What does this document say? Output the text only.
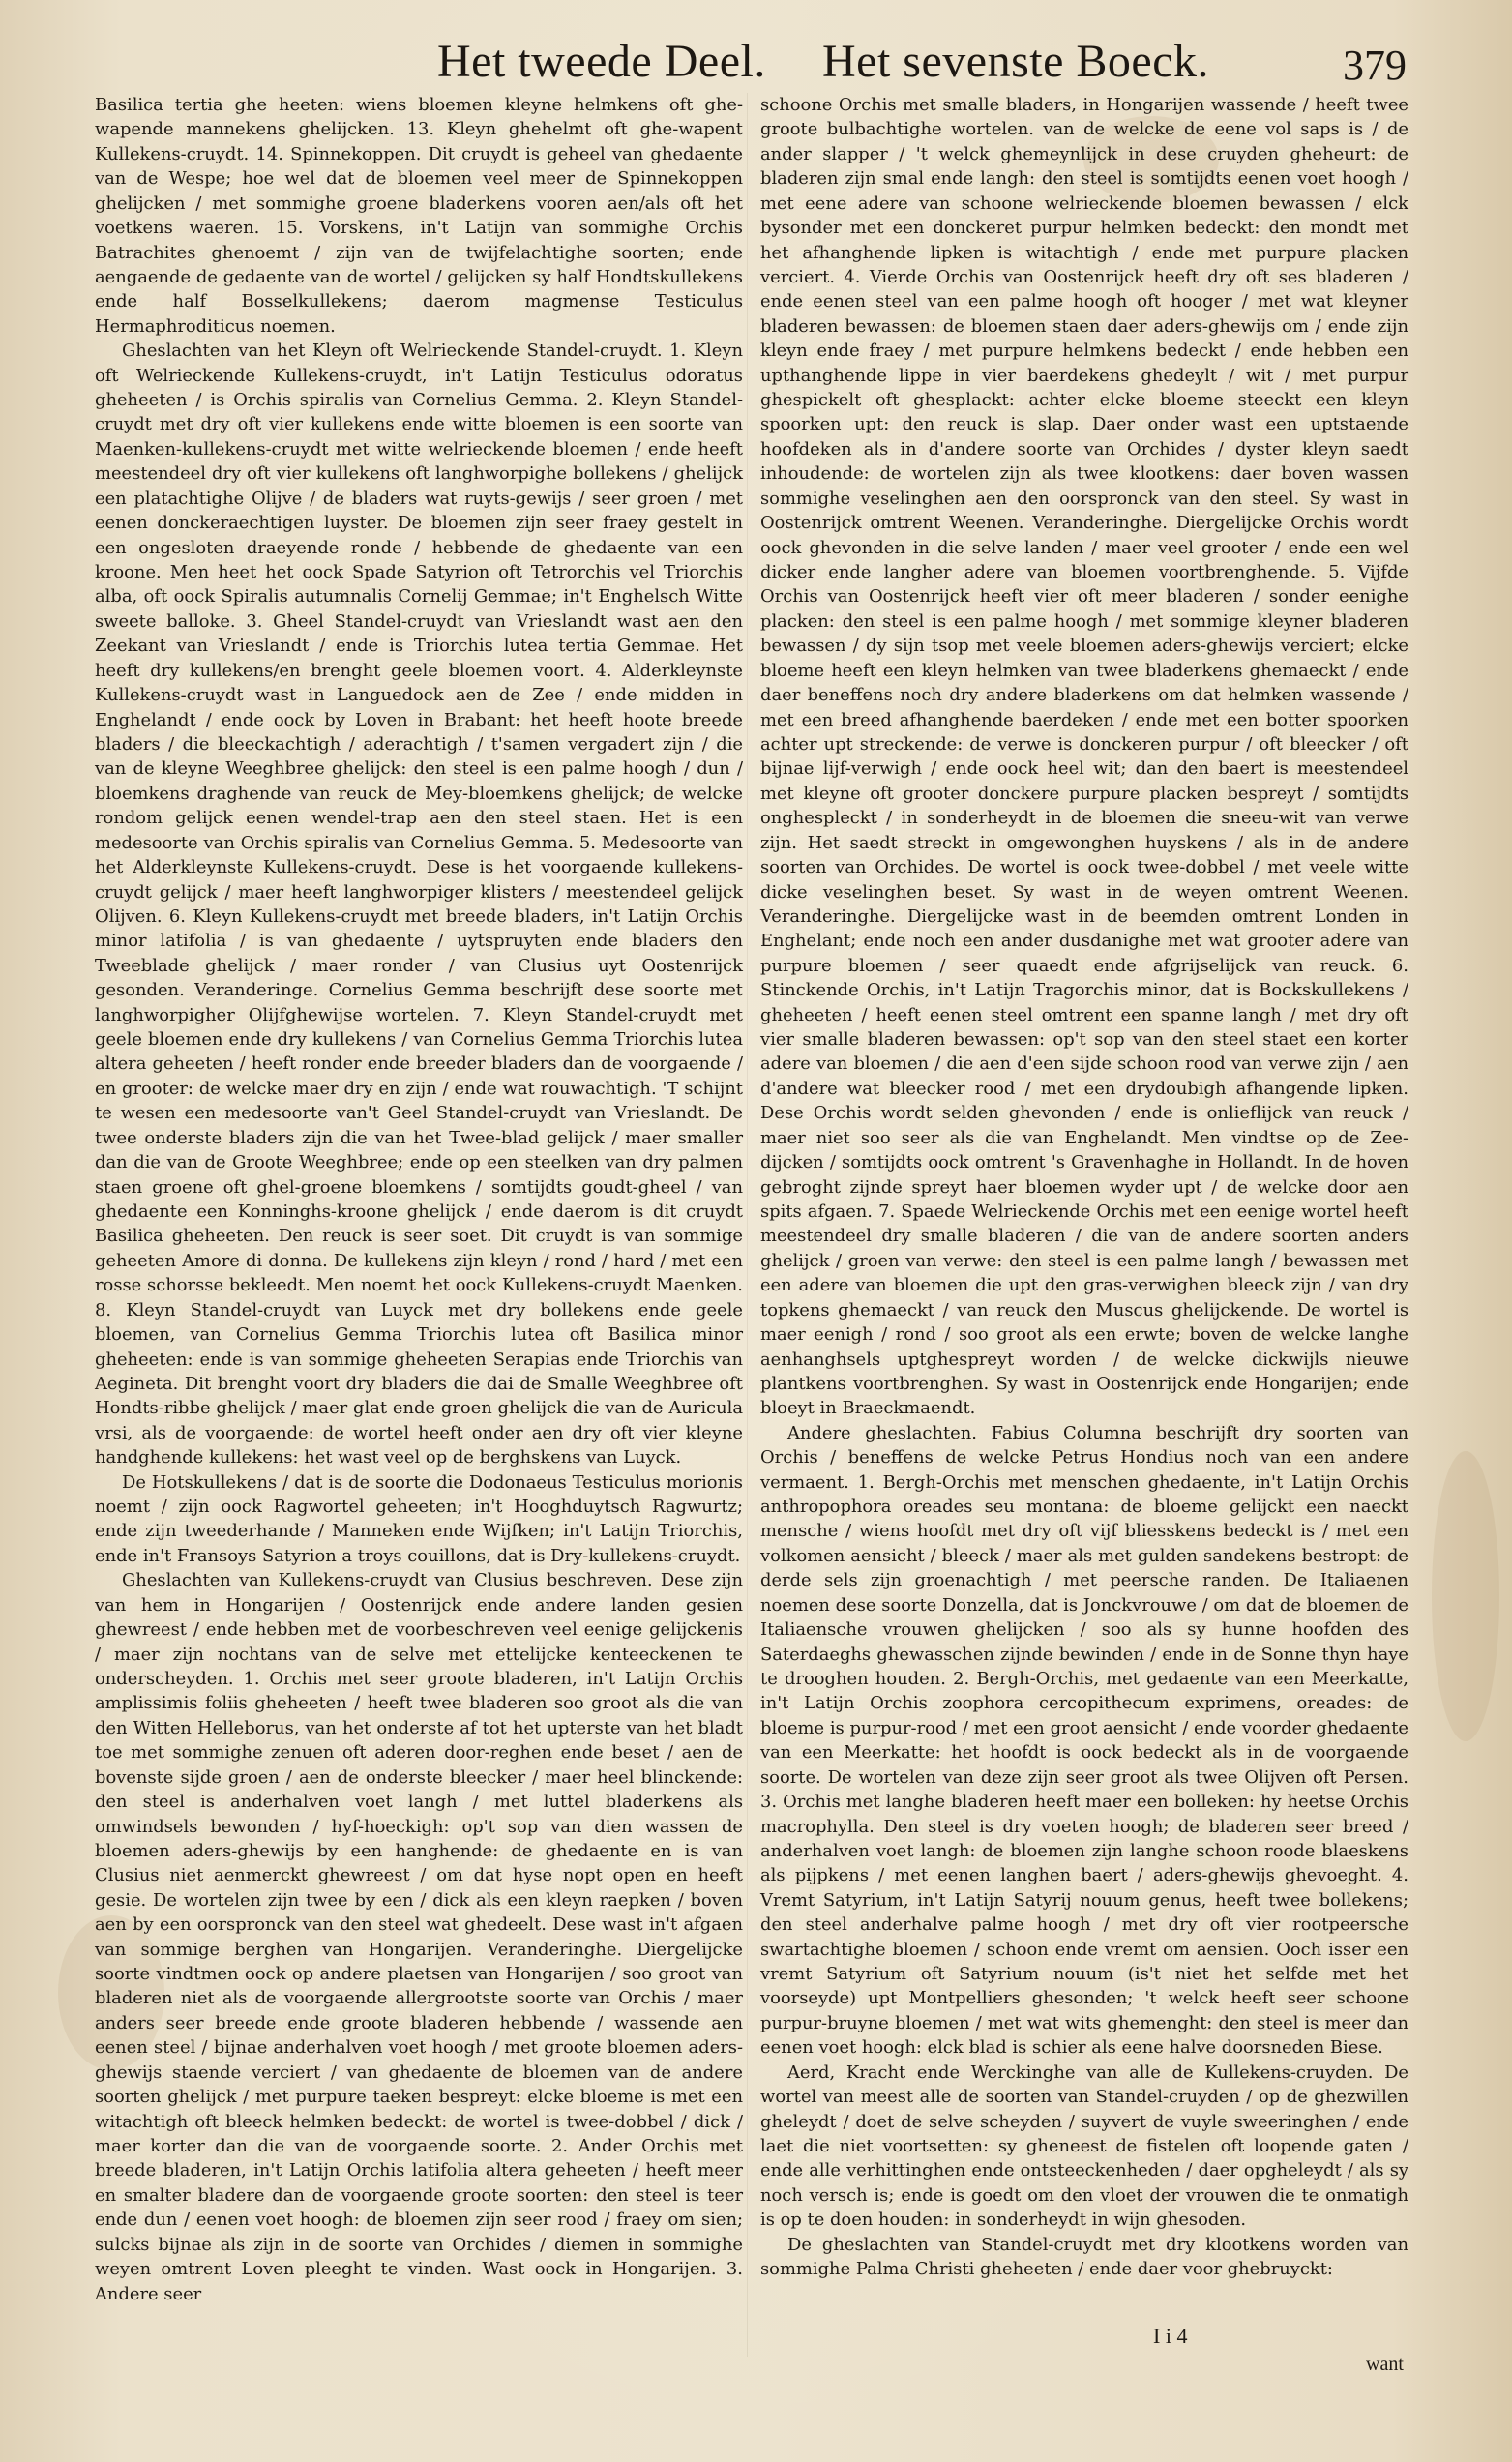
Het tweede Deel. Het sevenste Boeck.	379

Basilica tertia ghe heeten: wiens bloemen kleyne helmkens oft ghe-wapende mannekens ghelijcken. 13. Kleyn ghehelmt oft ghe-wapent Kullekens-cruydt. 14. Spinnekoppen. Dit cruydt is geheel van ghedaente van de Wespe; hoe wel dat de bloemen veel meer de Spinnekoppen ghelijcken / met sommighe groene bladerkens vooren aen/als oft het voetkens waeren. 15. Vorskens, in't Latijn van sommighe Orchis Batrachites ghenoemt / zijn van de twijfelachtighe soorten; ende aengaende de gedaente van de wortel / gelijcken sy half Hondtskullekens ende half Bosselkullekens; daerom magmense Testiculus Hermaphroditicus noemen.

Gheslachten van het Kleyn oft Welrieckende Standel-cruydt. 1. Kleyn oft Welrieckende Kullekens-cruydt, in't Latijn Testiculus odoratus gheheeten / is Orchis spiralis van Cornelius Gemma. 2. Kleyn Standel-cruydt met dry oft vier kullekens ende witte bloemen is een soorte van Maenken-kullekens-cruydt met witte welrieckende bloemen / ende heeft meestendeel dry oft vier kullekens oft langhworpighe bollekens / ghelijck een platachtighe Olijve / de bladers wat ruyts-gewijs / seer groen / met eenen donckeraechtigen luyster. De bloemen zijn seer fraey gestelt in een ongesloten draeyende ronde / hebbende de ghedaente van een kroone. Men heet het oock Spade Satyrion oft Tetrorchis vel Triorchis alba, oft oock Spiralis autumnalis Cornelij Gemmae; in't Enghelsch Witte sweete balloke. 3. Gheel Standel-cruydt van Vrieslandt wast aen den Zeekant van Vrieslandt / ende is Triorchis lutea tertia Gemmae. Het heeft dry kullekens/en brenght geele bloemen voort. 4. Alderkleynste Kullekens-cruydt wast in Languedock aen de Zee / ende midden in Enghelandt / ende oock by Loven in Brabant: het heeft hoote breede bladers / die bleeckachtigh / aderachtigh / t'samen vergadert zijn / die van de kleyne Weeghbree ghelijck: den steel is een palme hoogh / dun / bloemkens draghende van reuck de Mey-bloemkens ghelijck; de welcke rondom gelijck eenen wendel-trap aen den steel staen. Het is een medesoorte van Orchis spiralis van Cornelius Gemma. 5. Medesoorte van het Alderkleynste Kullekens-cruydt. Dese is het voorgaende kullekens-cruydt gelijck / maer heeft langhworpiger klisters / meestendeel gelijck Olijven. 6. Kleyn Kullekens-cruydt met breede bladers, in't Latijn Orchis minor latifolia / is van ghedaente / uytspruyten ende bladers den Tweeblade ghelijck / maer ronder / van Clusius uyt Oostenrijck gesonden. Veranderinge. Cornelius Gemma beschrijft dese soorte met langhworpigher Olijfghewijse wortelen. 7. Kleyn Standel-cruydt met geele bloemen ende dry kullekens / van Cornelius Gemma Triorchis lutea altera geheeten / heeft ronder ende breeder bladers dan de voorgaende / en grooter: de welcke maer dry en zijn / ende wat rouwachtigh. 'T schijnt te wesen een medesoorte van't Geel Standel-cruydt van Vrieslandt. De twee onderste bladers zijn die van het Twee-blad gelijck / maer smaller dan die van de Groote Weeghbree; ende op een steelken van dry palmen staen groene oft ghel-groene bloemkens / somtijdts goudt-gheel / van ghedaente een Konninghs-kroone ghelijck / ende daerom is dit cruydt Basilica gheheeten. Den reuck is seer soet. Dit cruydt is van sommige geheeten Amore di donna. De kullekens zijn kleyn / rond / hard / met een rosse schorsse bekleedt. Men noemt het oock Kullekens-cruydt Maenken. 8. Kleyn Standel-cruydt van Luyck met dry bollekens ende geele bloemen, van Cornelius Gemma Triorchis lutea oft Basilica minor gheheeten: ende is van sommige gheheeten Serapias ende Triorchis van Aegineta. Dit brenght voort dry bladers die dai de Smalle Weeghbree oft Hondts-ribbe ghelijck / maer glat ende groen ghelijck die van de Auricula vrsi, als de voorgaende: de wortel heeft onder aen dry oft vier kleyne handghende kullekens: het wast veel op de berghskens van Luyck.

De Hotskullekens / dat is de soorte die Dodonaeus Testiculus morionis noemt / zijn oock Ragwortel geheeten; in't Hooghduytsch Ragwurtz; ende zijn tweederhande / Manneken ende Wijfken; in't Latijn Triorchis, ende in't Fransoys Satyrion a troys couillons, dat is Dry-kullekens-cruydt.

Gheslachten van Kullekens-cruydt van Clusius beschreven. Dese zijn van hem in Hongarijen / Oostenrijck ende andere landen gesien ghewreest / ende hebben met de voorbeschreven veel eenige gelijckenis / maer zijn nochtans van de selve met ettelijcke kenteeckenen te onderscheyden. 1. Orchis met seer groote bladeren, in't Latijn Orchis amplissimis foliis gheheeten / heeft twee bladeren soo groot als die van den Witten Helleborus, van het onderste af tot het upterste van het bladt toe met sommighe zenuen oft aderen door-reghen ende beset / aen de bovenste sijde groen / aen de onderste bleecker / maer heel blinckende: den steel is anderhalven voet langh / met luttel bladerkens als omwindsels bewonden / hyf-hoeckigh: op't sop van dien wassen de bloemen aders-ghewijs by een hanghende: de ghedaente en is van Clusius niet aenmerckt ghewreest / om dat hyse nopt open en heeft gesie. De wortelen zijn twee by een / dick als een kleyn raepken / boven aen by een oorspronck van den steel wat ghedeelt. Dese wast in't afgaen van sommige berghen van Hongarijen. Veranderinghe. Diergelijcke soorte vindtmen oock op andere plaetsen van Hongarijen / soo groot van bladeren niet als de voorgaende allergrootste soorte van Orchis / maer anders seer breede ende groote bladeren hebbende / wassende aen eenen steel / bijnae anderhalven voet hoogh / met groote bloemen aders-ghewijs staende verciert / van ghedaente de bloemen van de andere soorten ghelijck / met purpure taeken bespreyt: elcke bloeme is met een witachtigh oft bleeck helmken bedeckt: de wortel is twee-dobbel / dick / maer korter dan die van de voorgaende soorte. 2. Ander Orchis met breede bladeren, in't Latijn Orchis latifolia altera geheeten / heeft meer en smalter bladere dan de voorgaende groote soorten: den steel is teer ende dun / eenen voet hoogh: de bloemen zijn seer rood / fraey om sien; sulcks bijnae als zijn in de soorte van Orchides / diemen in sommighe weyen omtrent Loven pleeght te vinden. Wast oock in Hongarijen. 3. Andere seer

schoone Orchis met smalle bladers, in Hongarijen wassende / heeft twee groote bulbachtighe wortelen. van de welcke de eene vol saps is / de ander slapper / 't welck ghemeynlijck in dese cruyden gheheurt: de bladeren zijn smal ende langh: den steel is somtijdts eenen voet hoogh / met eene adere van schoone welrieckende bloemen bewassen / elck bysonder met een donckeret purpur helmken bedeckt: den mondt met het afhanghende lipken is witachtigh / ende met purpure placken verciert. 4. Vierde Orchis van Oostenrijck heeft dry oft ses bladeren / ende eenen steel van een palme hoogh oft hooger / met wat kleyner bladeren bewassen: de bloemen staen daer aders-ghewijs om / ende zijn kleyn ende fraey / met purpure helmkens bedeckt / ende hebben een upthanghende lippe in vier baerdekens ghedeylt / wit / met purpur ghespickelt oft ghesplackt: achter elcke bloeme steeckt een kleyn spoorken upt: den reuck is slap. Daer onder wast een uptstaende hoofdeken als in d'andere soorte van Orchides / dyster kleyn saedt inhoudende: de wortelen zijn als twee klootkens: daer boven wassen sommighe veselinghen aen den oorspronck van den steel. Sy wast in Oostenrijck omtrent Weenen. Veranderinghe. Diergelijcke Orchis wordt oock ghevonden in die selve landen / maer veel grooter / ende een wel dicker ende langher adere van bloemen voortbrenghende. 5. Vijfde Orchis van Oostenrijck heeft vier oft meer bladeren / sonder eenighe placken: den steel is een palme hoogh / met sommige kleyner bladeren bewassen / dy sijn tsop met veele bloemen aders-ghewijs verciert; elcke bloeme heeft een kleyn helmken van twee bladerkens ghemaeckt / ende daer beneffens noch dry andere bladerkens om dat helmken wassende / met een breed afhanghende baerdeken / ende met een botter spoorken achter upt streckende: de verwe is donckeren purpur / oft bleecker / oft bijnae lijf-verwigh / ende oock heel wit; dan den baert is meestendeel met kleyne oft grooter donckere purpure placken bespreyt / somtijdts onghespleckt / in sonderheydt in de bloemen die sneeu-wit van verwe zijn. Het saedt streckt in omgewonghen huyskens / als in de andere soorten van Orchides. De wortel is oock twee-dobbel / met veele witte dicke veselinghen beset. Sy wast in de weyen omtrent Weenen. Veranderinghe. Diergelijcke wast in de beemden omtrent Londen in Enghelant; ende noch een ander dusdanighe met wat grooter adere van purpure bloemen / seer quaedt ende afgrijselijck van reuck. 6. Stinckende Orchis, in't Latijn Tragorchis minor, dat is Bockskullekens / gheheeten / heeft eenen steel omtrent een spanne langh / met dry oft vier smalle bladeren bewassen: op't sop van den steel staet een korter adere van bloemen / die aen d'een sijde schoon rood van verwe zijn / aen d'andere wat bleecker rood / met een drydoubigh afhangende lipken. Dese Orchis wordt selden ghevonden / ende is onlieflijck van reuck / maer niet soo seer als die van Enghelandt. Men vindtse op de Zee-dijcken / somtijdts oock omtrent 's Gravenhaghe in Hollandt. In de hoven gebroght zijnde spreyt haer bloemen wyder upt / de welcke door aen spits afgaen. 7. Spaede Welrieckende Orchis met een eenige wortel heeft meestendeel dry smalle bladeren / die van de andere soorten anders ghelijck / groen van verwe: den steel is een palme langh / bewassen met een adere van bloemen die upt den gras-verwighen bleeck zijn / van dry topkens ghemaeckt / van reuck den Muscus ghelijckende. De wortel is maer eenigh / rond / soo groot als een erwte; boven de welcke langhe aenhanghsels uptghespreyt worden / de welcke dickwijls nieuwe plantkens voortbrenghen. Sy wast in Oostenrijck ende Hongarijen; ende bloeyt in Braeckmaendt.

Andere gheslachten. Fabius Columna beschrijft dry soorten van Orchis / beneffens de welcke Petrus Hondius noch van een andere vermaent. 1. Bergh-Orchis met menschen ghedaente, in't Latijn Orchis anthropophora oreades seu montana: de bloeme gelijckt een naeckt mensche / wiens hoofdt met dry oft vijf bliesskens bedeckt is / met een volkomen aensicht / bleeck / maer als met gulden sandekens bestropt: de derde sels zijn groenachtigh / met peersche randen. De Italiaenen noemen dese soorte Donzella, dat is Jonckvrouwe / om dat de bloemen de Italiaensche vrouwen ghelijcken / soo als sy hunne hoofden des Saterdaeghs ghewasschen zijnde bewinden / ende in de Sonne thyn haye te drooghen houden. 2. Bergh-Orchis, met gedaente van een Meerkatte, in't Latijn Orchis zoophora cercopithecum exprimens, oreades: de bloeme is purpur-rood / met een groot aensicht / ende voorder ghedaente van een Meerkatte: het hoofdt is oock bedeckt als in de voorgaende soorte. De wortelen van deze zijn seer groot als twee Olijven oft Persen. 3. Orchis met langhe bladeren heeft maer een bolleken: hy heetse Orchis macrophylla. Den steel is dry voeten hoogh; de bladeren seer breed / anderhalven voet langh: de bloemen zijn langhe schoon roode blaeskens als pijpkens / met eenen langhen baert / aders-ghewijs ghevoeght. 4. Vremt Satyrium, in't Latijn Satyrij nouum genus, heeft twee bollekens; den steel anderhalve palme hoogh / met dry oft vier rootpeersche swartachtighe bloemen / schoon ende vremt om aensien. Ooch isser een vremt Satyrium oft Satyrium nouum (is't niet het selfde met het voorseyde) upt Montpelliers ghesonden; 't welck heeft seer schoone purpur-bruyne bloemen / met wat wits ghemenght: den steel is meer dan eenen voet hoogh: elck blad is schier als eene halve doorsneden Biese.

Aerd, Kracht ende Werckinghe van alle de Kullekens-cruyden. De wortel van meest alle de soorten van Standel-cruyden / op de ghezwillen gheleydt / doet de selve scheyden / suyvert de vuyle sweeringhen / ende laet die niet voortsetten: sy gheneest de fistelen oft loopende gaten / ende alle verhittinghen ende ontsteeckenheden / daer opgheleydt / als sy noch versch is; ende is goedt om den vloet der vrouwen die te onmatigh is op te doen houden: in sonderheydt in wijn ghesoden.

De gheslachten van Standel-cruydt met dry klootkens worden van sommighe Palma Christi gheheeten / ende daer voor ghebruyckt:

I i 4
want
